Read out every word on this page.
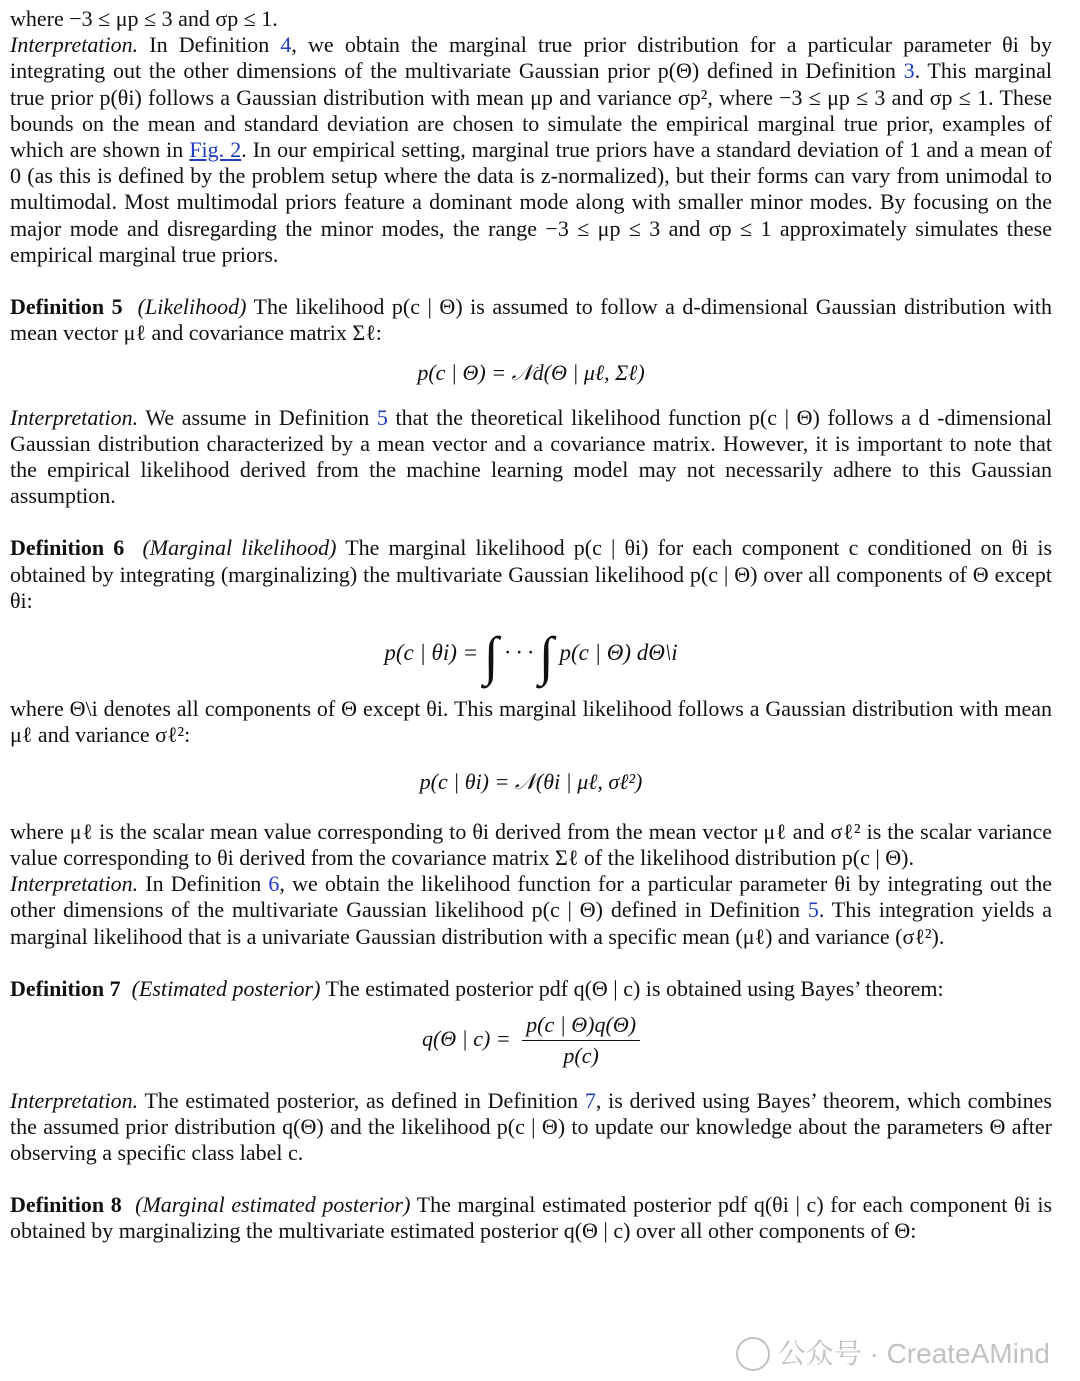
where −3 ≤ μp ≤ 3 and σp ≤ 1.

Interpretation. In Definition 4, we obtain the marginal true prior distribution for a particular parameter θi by integrating out the other dimensions of the multivariate Gaussian prior p(Θ) defined in Definition 3. This marginal true prior p(θi) follows a Gaussian distribution with mean μp and variance σp², where −3 ≤ μp ≤ 3 and σp ≤ 1. These bounds on the mean and standard deviation are chosen to simulate the empirical marginal true prior, examples of which are shown in Fig. 2. In our empirical setting, marginal true priors have a standard deviation of 1 and a mean of 0 (as this is defined by the problem setup where the data is z-normalized), but their forms can vary from unimodal to multimodal. Most multimodal priors feature a dominant mode along with smaller minor modes. By focusing on the major mode and disregarding the minor modes, the range −3 ≤ μp ≤ 3 and σp ≤ 1 approximately simulates these empirical marginal true priors.

Definition 5 (Likelihood) The likelihood p(c | Θ) is assumed to follow a d-dimensional Gaussian distribution with mean vector μℓ and covariance matrix Σℓ:

p(c | Θ) = 𝒩d(Θ | μℓ, Σℓ)

Interpretation. We assume in Definition 5 that the theoretical likelihood function p(c | Θ) follows a d -dimensional Gaussian distribution characterized by a mean vector and a covariance matrix. However, it is important to note that the empirical likelihood derived from the machine learning model may not necessarily adhere to this Gaussian assumption.

Definition 6 (Marginal likelihood) The marginal likelihood p(c | θi) for each component c conditioned on θi is obtained by integrating (marginalizing) the multivariate Gaussian likelihood p(c | Θ) over all components of Θ except θi:

p(c | θi) = ∫ · · · ∫ p(c | Θ) dΘ\i

where Θ\i denotes all components of Θ except θi. This marginal likelihood follows a Gaussian distribution with mean μℓ and variance σℓ²:

p(c | θi) = 𝒩(θi | μℓ, σℓ²)

where μℓ is the scalar mean value corresponding to θi derived from the mean vector μℓ and σℓ² is the scalar variance value corresponding to θi derived from the covariance matrix Σℓ of the likelihood distribution p(c | Θ).

Interpretation. In Definition 6, we obtain the likelihood function for a particular parameter θi by integrating out the other dimensions of the multivariate Gaussian likelihood p(c | Θ) defined in Definition 5. This integration yields a marginal likelihood that is a univariate Gaussian distribution with a specific mean (μℓ) and variance (σℓ²).

Definition 7 (Estimated posterior) The estimated posterior pdf q(Θ | c) is obtained using Bayes’ theorem:

q(Θ | $c) = \frac{p(c | \Theta)q(\Theta)}{p(c)}$

Interpretation. The estimated posterior, as defined in Definition 7, is derived using Bayes’ theorem, which combines the assumed prior distribution q(Θ) and the likelihood p(c | Θ) to update our knowledge about the parameters Θ after observing a specific class label c.

Definition 8 (Marginal estimated posterior) The marginal estimated posterior pdf q(θi | c) for each component θi is obtained by marginalizing the multivariate estimated posterior q(Θ | c) over all other components of Θ:

公众号 · CreateAMind
